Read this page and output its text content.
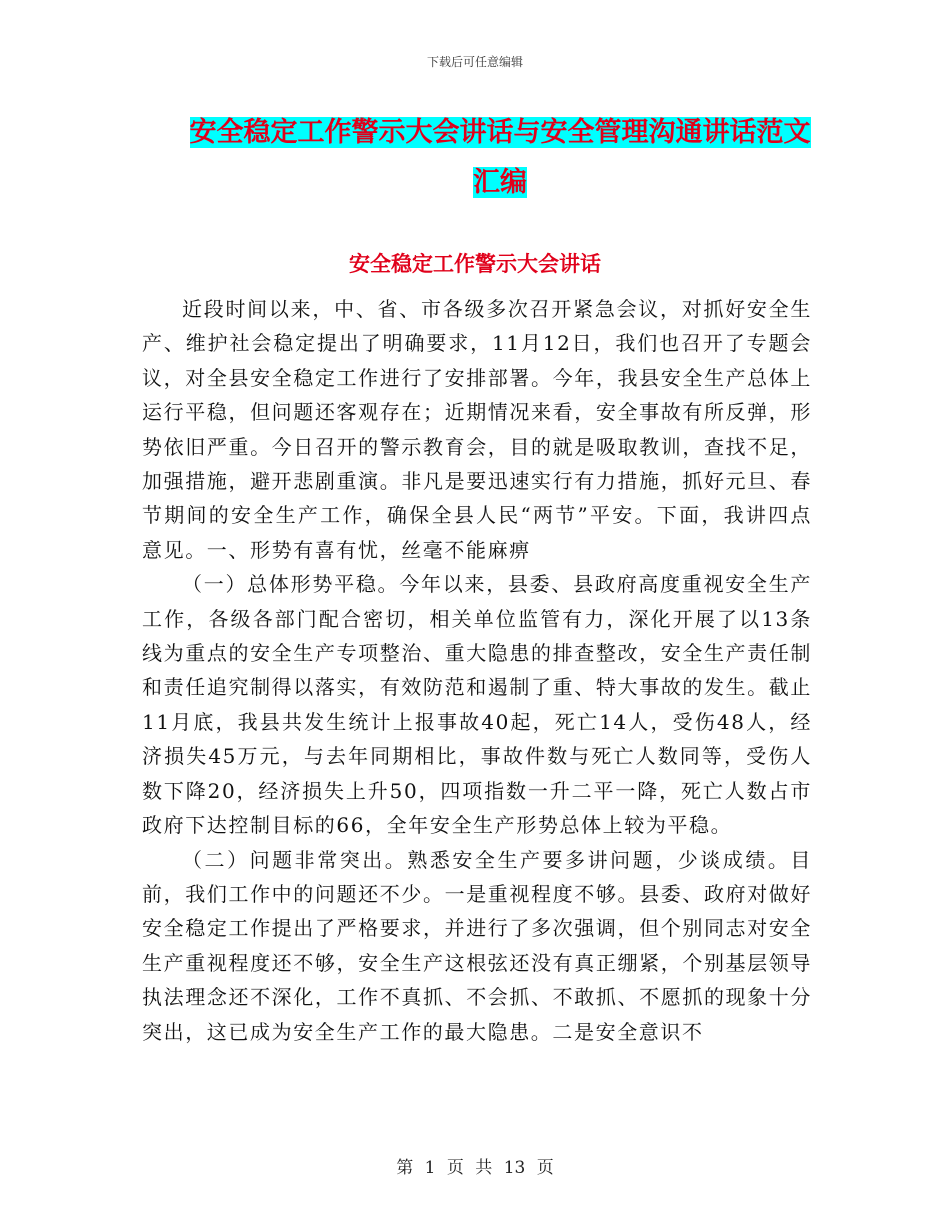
下载后可任意编辑
安全稳定工作警示大会讲话与安全管理沟通讲话范文
汇编
安全稳定工作警示大会讲话

近段时间以来，中、省、市各级多次召开紧急会议，对抓好安全生产、维护社会稳定提出了明确要求，11月12日，我们也召开了专题会议，对全县安全稳定工作进行了安排部署。今年，我县安全生产总体上运行平稳，但问题还客观存在；近期情况来看，安全事故有所反弹，形势依旧严重。今日召开的警示教育会，目的就是吸取教训，查找不足，加强措施，避开悲剧重演。非凡是要迅速实行有力措施，抓好元旦、春节期间的安全生产工作，确保全县人民“两节”平安。下面，我讲四点意见。一、形势有喜有忧，丝毫不能麻痹

（一）总体形势平稳。今年以来，县委、县政府高度重视安全生产工作，各级各部门配合密切，相关单位监管有力，深化开展了以13条线为重点的安全生产专项整治、重大隐患的排查整改，安全生产责任制和责任追究制得以落实，有效防范和遏制了重、特大事故的发生。截止11月底，我县共发生统计上报事故40起，死亡14人，受伤48人，经济损失45万元，与去年同期相比，事故件数与死亡人数同等，受伤人数下降20，经济损失上升50，四项指数一升二平一降，死亡人数占市政府下达控制目标的66，全年安全生产形势总体上较为平稳。

（二）问题非常突出。熟悉安全生产要多讲问题，少谈成绩。目前，我们工作中的问题还不少。一是重视程度不够。县委、政府对做好安全稳定工作提出了严格要求，并进行了多次强调，但个别同志对安全生产重视程度还不够，安全生产这根弦还没有真正绷紧，个别基层领导执法理念还不深化，工作不真抓、不会抓、不敢抓、不愿抓的现象十分突出，这已成为安全生产工作的最大隐患。二是安全意识不

第 1 页 共 13 页
